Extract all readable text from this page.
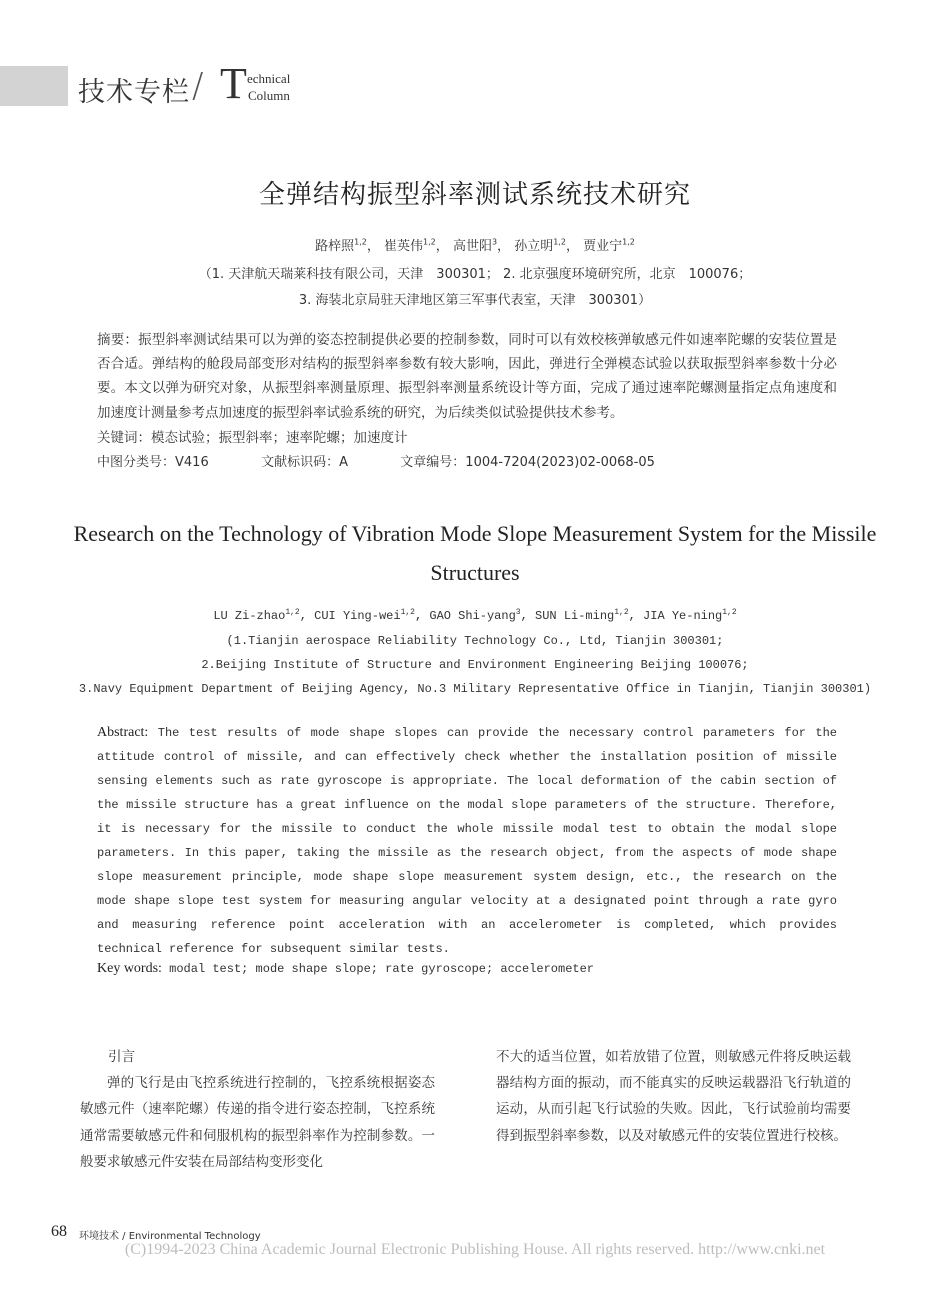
技术专栏 / T echnical
Column
全弹结构振型斜率测试系统技术研究
路梓照$^{1,2}$， 崔英伟$^{1,2}$， 高世阳$^3$， 孙立明$^{1,2}$， 贾业宁$^{1,2}$
（1. 天津航天瑞莱科技有限公司，天津　300301； 2. 北京强度环境研究所，北京　100076；
3. 海装北京局驻天津地区第三军事代表室，天津　300301）
摘要：振型斜率测试结果可以为弹的姿态控制提供必要的控制参数，同时可以有效校核弹敏感元件如速率陀螺的安装位置是否合适。弹结构的舱段局部变形对结构的振型斜率参数有较大影响，因此，弹进行全弹模态试验以获取振型斜率参数十分必要。本文以弹为研究对象，从振型斜率测量原理、振型斜率测量系统设计等方面，完成了通过速率陀螺测量指定点角速度和加速度计测量参考点加速度的振型斜率试验系统的研究，为后续类似试验提供技术参考。
关键词：模态试验；振型斜率；速率陀螺；加速度计
中图分类号：V416	文献标识码：A	文章编号：1004-7204(2023)02-0068-05
Research on the Technology of Vibration Mode Slope Measurement System for the Missile Structures
LU Zi-zhao$^{1,2}$, CUI Ying-wei$^{1,2}$, GAO Shi-yang$^3$, SUN Li-ming$^{1,2}$, JIA Ye-ning$^{1,2}$
(1.Tianjin aerospace Reliability Technology Co., Ltd, Tianjin 300301;
2.Beijing Institute of Structure and Environment Engineering Beijing 100076;
3.Navy Equipment Department of Beijing Agency, No.3 Military Representative Office in Tianjin, Tianjin 300301)
Abstract: The test results of mode shape slopes can provide the necessary control parameters for the attitude control of missile, and can effectively check whether the installation position of missile sensing elements such as rate gyroscope is appropriate. The local deformation of the cabin section of the missile structure has a great influence on the modal slope parameters of the structure. Therefore, it is necessary for the missile to conduct the whole missile modal test to obtain the modal slope parameters. In this paper, taking the missile as the research object, from the aspects of mode shape slope measurement principle, mode shape slope measurement system design, etc., the research on the mode shape slope test system for measuring angular velocity at a designated point through a rate gyro and measuring reference point acceleration with an accelerometer is completed, which provides technical reference for subsequent similar tests.
Key words: modal test; mode shape slope; rate gyroscope; accelerometer
引言
弹的飞行是由飞控系统进行控制的，飞控系统根据姿态敏感元件（速率陀螺）传递的指令进行姿态控制，飞控系统通常需要敏感元件和伺服机构的振型斜率作为控制参数。一般要求敏感元件安装在局部结构变形变化
不大的适当位置，如若放错了位置，则敏感元件将反映运载器结构方面的振动，而不能真实的反映运载器沿飞行轨道的运动，从而引起飞行试验的失败。因此，飞行试验前均需要得到振型斜率参数，以及对敏感元件的安装位置进行校核。
68 环境技术 / Environmental Technology
(C)1994-2023 China Academic Journal Electronic Publishing House. All rights reserved. http://www.cnki.net
